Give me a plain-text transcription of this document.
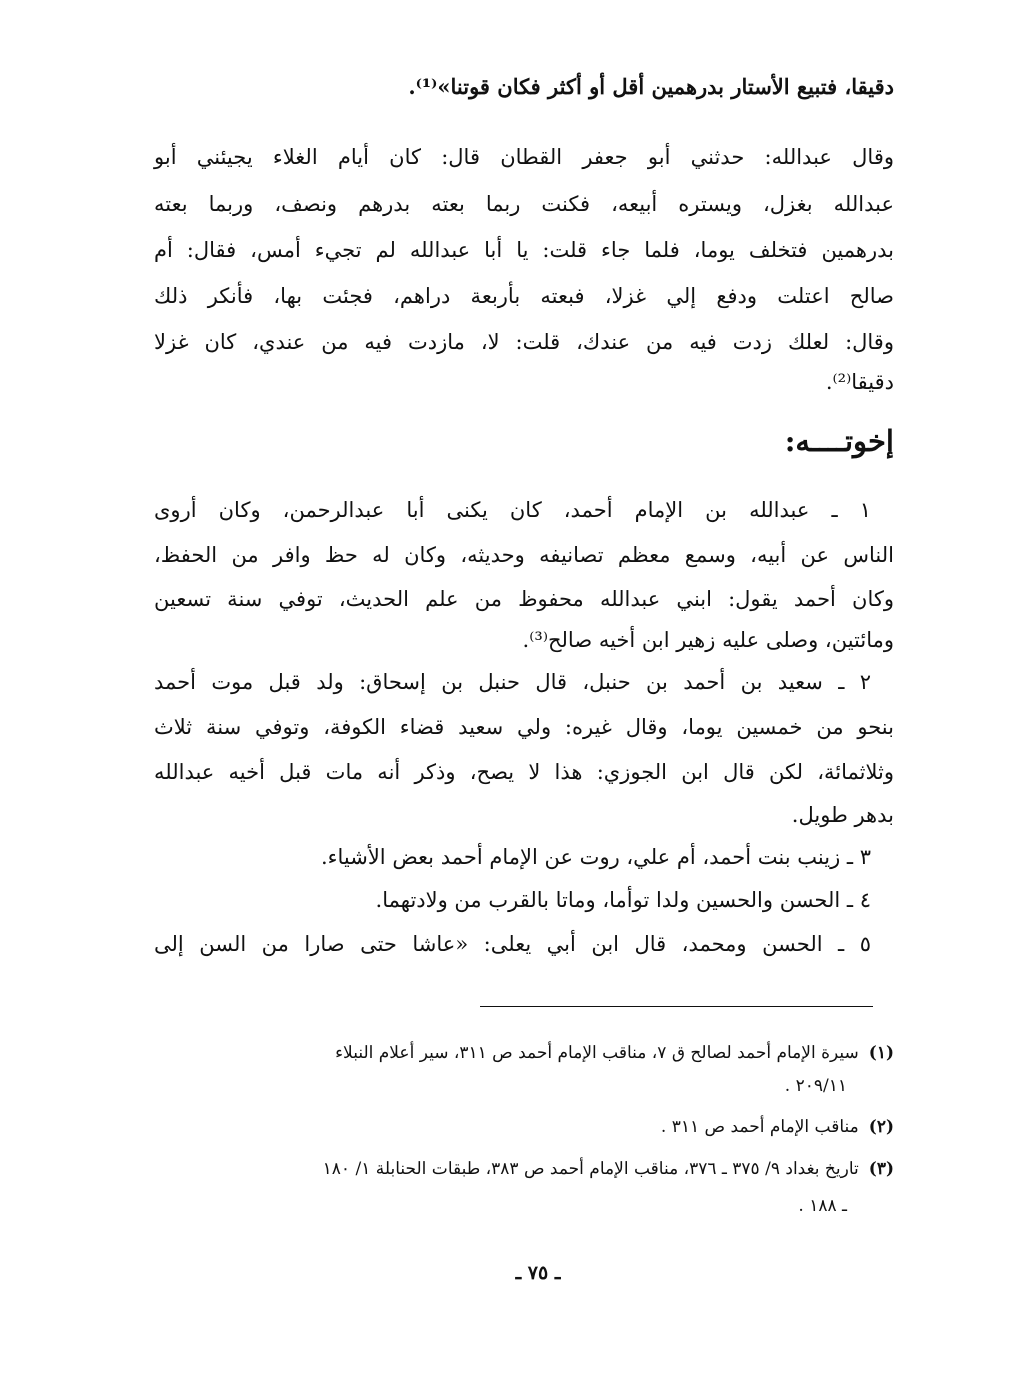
دقيقا، فتبيع الأستار بدرهمين أقل أو أكثر فكان قوتنا»⁽¹⁾.
وقال عبدالله: حدثني أبو جعفر القطان قال: كان أيام الغلاء يجيئني أبو
عبدالله بغزل، ويستره أبيعه، فكنت ربما بعته بدرهم ونصف، وربما بعته
بدرهمين فتخلف يوما، فلما جاء قلت: يا أبا عبدالله لم تجيء أمس، فقال: أم
صالح اعتلت ودفع إلي غزلا، فبعته بأربعة دراهم، فجئت بها، فأنكر ذلك
وقال: لعلك زدت فيه من عندك، قلت: لا، مازدت فيه من عندي، كان غزلا
دقيقا⁽²⁾.
إخوتــــه:
١ ـ عبدالله بن الإمام أحمد، كان يكنى أبا عبدالرحمن، وكان أروى
الناس عن أبيه، وسمع معظم تصانيفه وحديثه، وكان له حظ وافر من الحفظ،
وكان أحمد يقول: ابني عبدالله محفوظ من علم الحديث، توفي سنة تسعين
ومائتين، وصلى عليه زهير ابن أخيه صالح⁽³⁾.
٢ ـ سعيد بن أحمد بن حنبل، قال حنبل بن إسحاق: ولد قبل موت أحمد
بنحو من خمسين يوما، وقال غيره: ولي سعيد قضاء الكوفة، وتوفي سنة ثلاث
وثلاثمائة، لكن قال ابن الجوزي: هذا لا يصح، وذكر أنه مات قبل أخيه عبدالله
بدهر طويل.
٣ ـ زينب بنت أحمد، أم علي، روت عن الإمام أحمد بعض الأشياء.
٤ ـ الحسن والحسين ولدا توأما، وماتا بالقرب من ولادتهما.
٥ ـ الحسن ومحمد، قال ابن أبي يعلى: «عاشا حتى صارا من السن إلى
(١)سيرة الإمام أحمد لصالح ق ٧، مناقب الإمام أحمد ص ٣١١، سير أعلام النبلاء
٢٠٩/١١ .
(٢)مناقب الإمام أحمد ص ٣١١ .
(٣)تاريخ بغداد ٩/ ٣٧٥ ـ ٣٧٦، مناقب الإمام أحمد ص ٣٨٣، طبقات الحنابلة ١/ ١٨٠
ـ ١٨٨ .
ـ ٧٥ ـ
